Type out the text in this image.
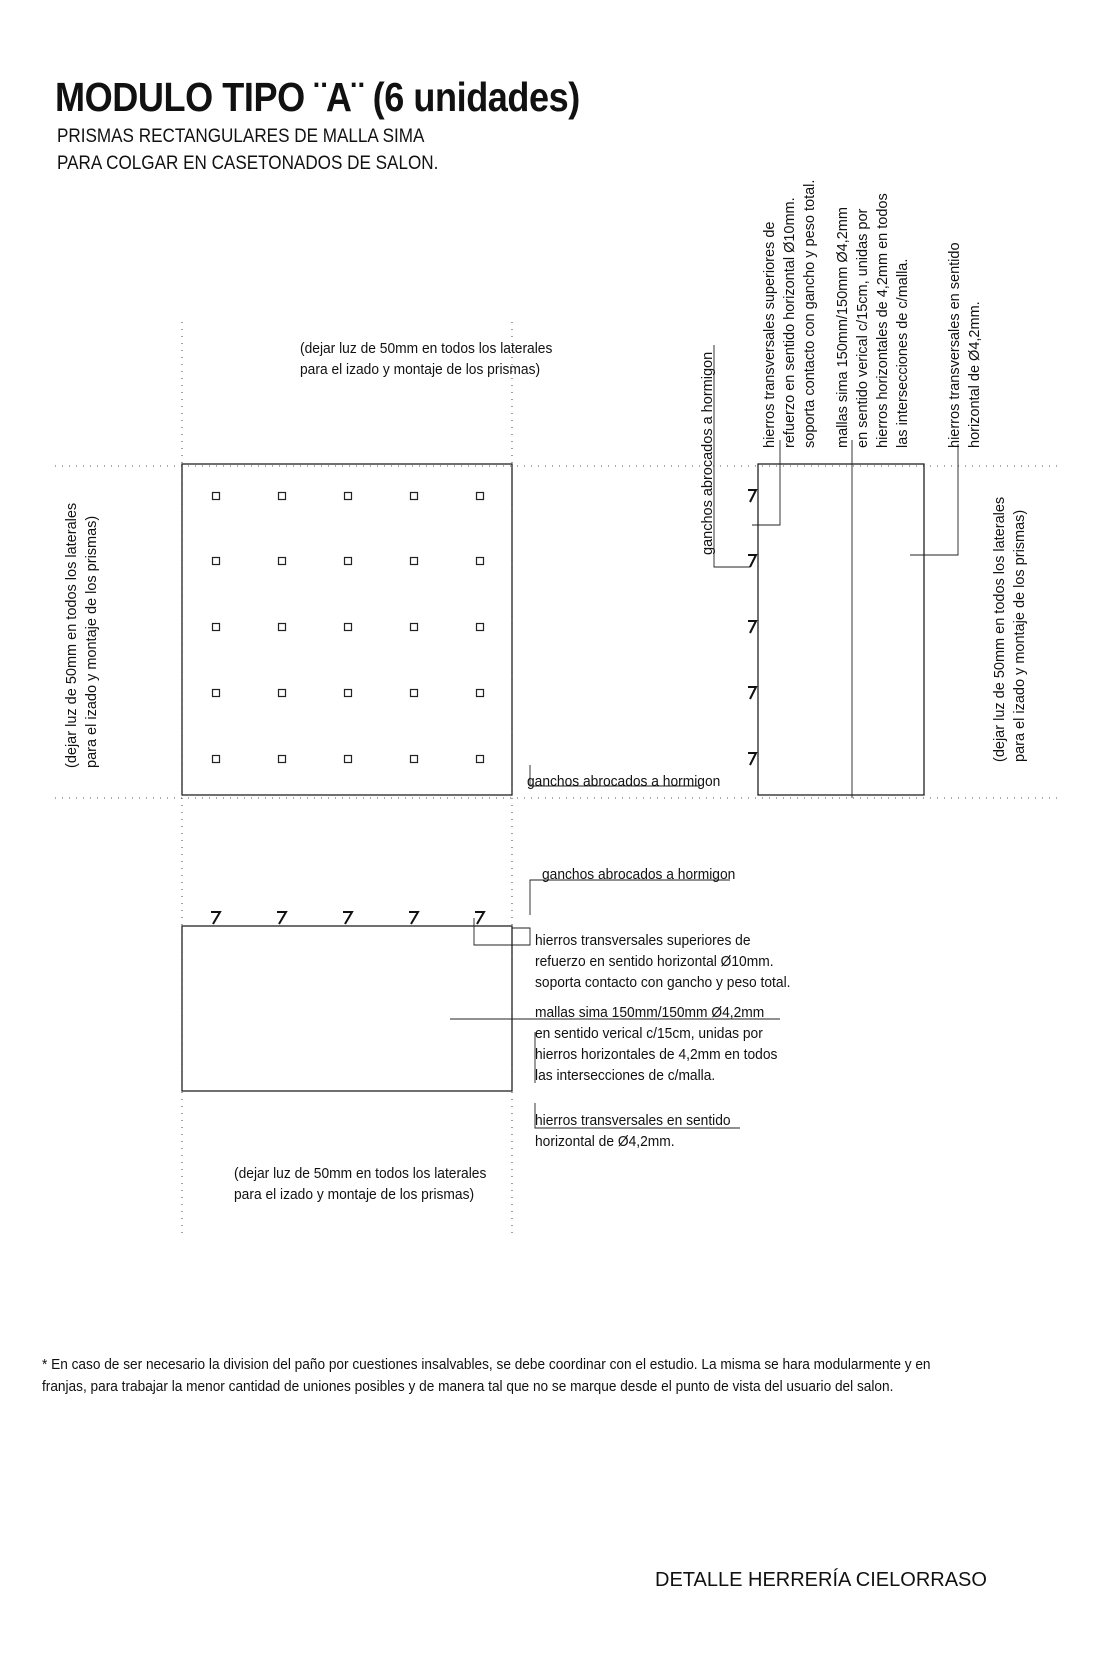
MODULO TIPO ¨A¨ (6 unidades)
PRISMAS RECTANGULARES DE MALLA SIMA
PARA COLGAR EN CASETONADOS DE SALON.
(dejar luz de 50mm en todos los laterales
para el izado y montaje de los prismas)
(dejar luz de 50mm en todos los laterales para el izado y montaje de los prismas)
ganchos abrocados a hormigon
ganchos abrocados a hormigon
hierros transversales superiores de refuerzo en sentido horizontal Ø10mm. soporta contacto con gancho y peso total. mallas sima 150mm/150mm Ø4,2mm en sentido verical c/15cm, unidas por hierros horizontales de 4,2mm en todos las intersecciones de c/malla. hierros transversales en sentido horizontal de Ø4,2mm.
(dejar luz de 50mm en todos los laterales para el izado y montaje de los prismas)
ganchos abrocados a hormigon
hierros transversales superiores de
refuerzo en sentido horizontal Ø10mm.
soporta contacto con gancho y peso total.
mallas sima 150mm/150mm Ø4,2mm
en sentido verical c/15cm, unidas por
hierros horizontales de 4,2mm en todos
las intersecciones de c/malla.
hierros transversales en sentido
horizontal de Ø4,2mm.
(dejar luz de 50mm en todos los laterales
para el izado y montaje de los prismas)
* En caso de ser necesario la division del paño por cuestiones insalvables, se debe coordinar con el estudio. La misma se hara modularmente y en
franjas, para trabajar la menor cantidad de uniones posibles y de manera tal que no se marque desde el punto de vista del usuario del salon.
DETALLE HERRERÍA CIELORRASO
